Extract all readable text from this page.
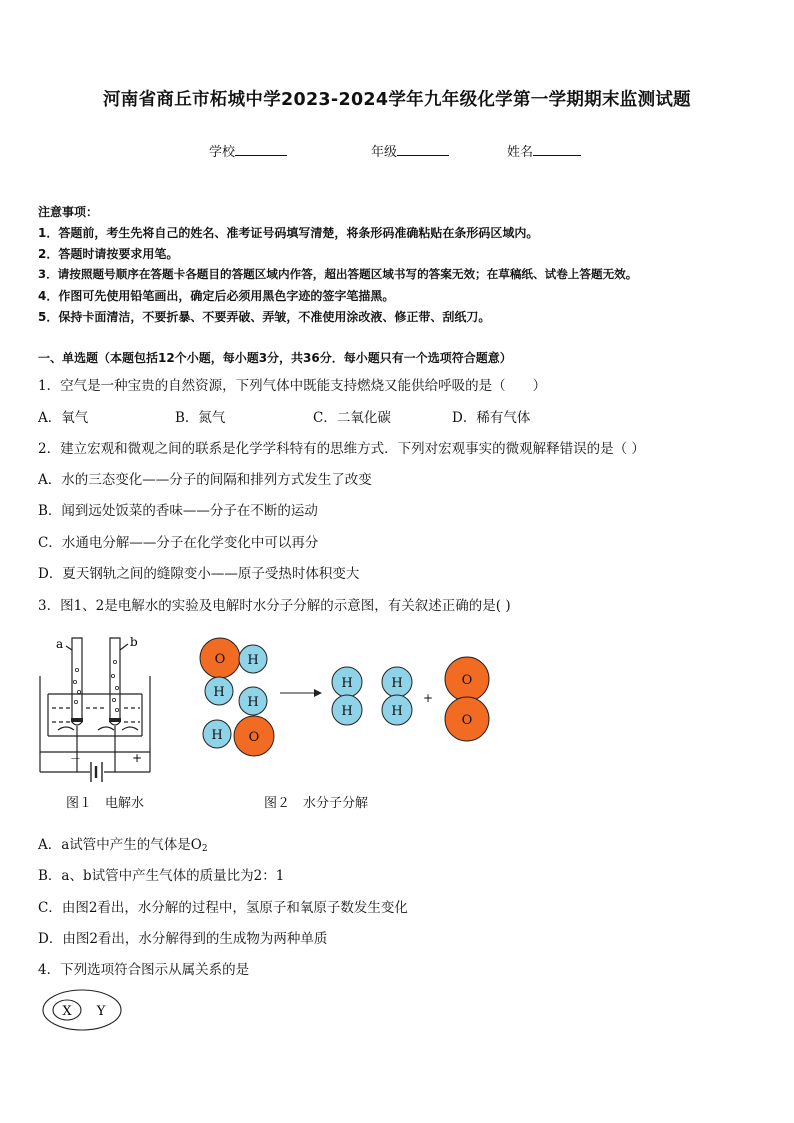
河南省商丘市柘城中学2023-2024学年九年级化学第一学期期末监测试题
学校	年级	姓名
注意事项：
1．答题前，考生先将自己的姓名、准考证号码填写清楚，将条形码准确粘贴在条形码区域内。
2．答题时请按要求用笔。
3．请按照题号顺序在答题卡各题目的答题区域内作答，超出答题区域书写的答案无效；在草稿纸、试卷上答题无效。
4．作图可先使用铅笔画出，确定后必须用黑色字迹的签字笔描黑。
5．保持卡面清洁，不要折暴、不要弄破、弄皱，不准使用涂改液、修正带、刮纸刀。
一、单选题（本题包括12个小题，每小题3分，共36分．每小题只有一个选项符合题意）
1．空气是一种宝贵的自然资源，下列气体中既能支持燃烧又能供给呼吸的是（　　）
A．氧气	B．氮气	C．二氧化碳	D．稀有气体
2．建立宏观和微观之间的联系是化学学科特有的思维方式．下列对宏观事实的微观解释错误的是（ ）
A．水的三态变化——分子的间隔和排列方式发生了改变
B．闻到远处饭菜的香味——分子在不断的运动
C．水通电分解——分子在化学变化中可以再分
D．夏天钢轨之间的缝隙变小——原子受热时体积变大
3．图1、2是电解水的实验及电解时水分子分解的示意图，有关叙述正确的是( )
a	b
－	+
图１　电解水
O H
H
H
O
H
H
H
H
H
O
O
+
图２　水分子分解
A．a试管中产生的气体是$O_2$
B．a、b试管中产生气体的质量比为2：1
C．由图2看出，水分解的过程中，氢原子和氧原子数发生变化
D．由图2看出，水分解得到的生成物为两种单质
4．下列选项符合图示从属关系的是
X Y
